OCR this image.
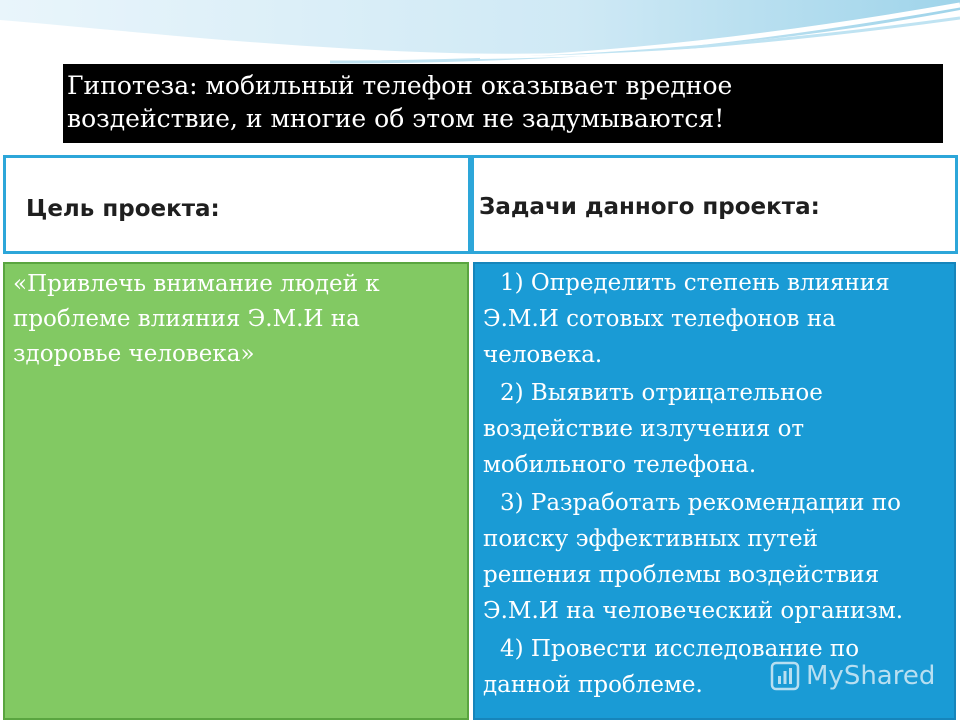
Гипотеза: мобильный телефон оказывает вредное
воздействие, и многие об этом не задумываются!
Цель проекта:	Задачи данного проекта:
«Привлечь внимание людей к
проблеме влияния Э.М.И на
здоровье человека»
1) Определить степень влияния
Э.М.И сотовых телефонов на
человека.
2) Выявить отрицательное
воздействие излучения от
мобильного телефона.
3) Разработать рекомендации по
поиску эффективных путей
решения проблемы воздействия
Э.М.И на человеческий организм.
4) Провести исследование по
данной проблеме.	MyShared
